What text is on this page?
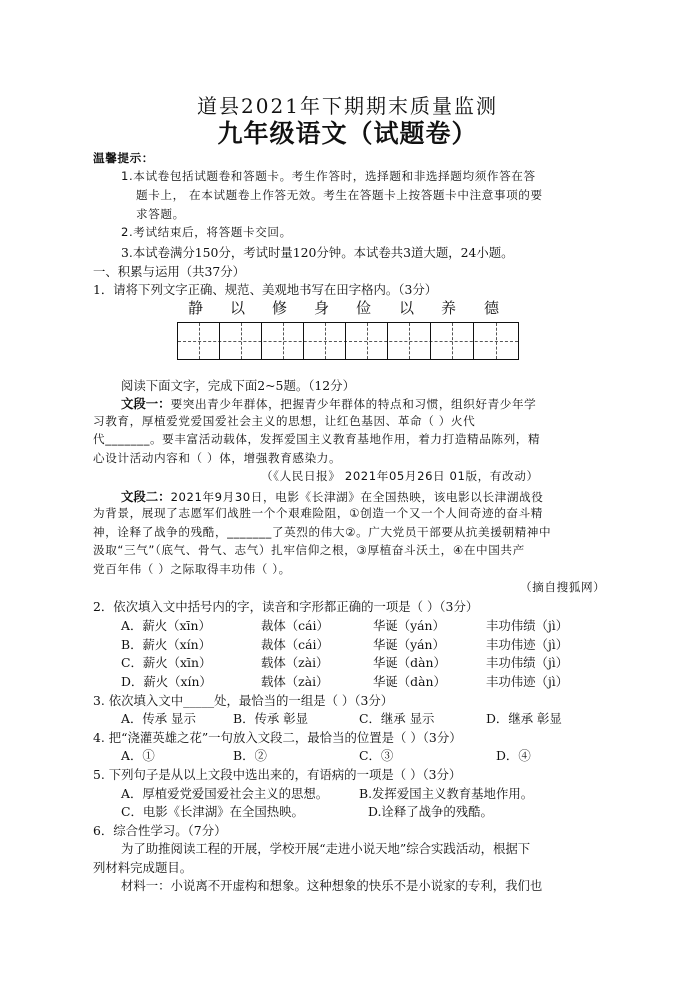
道县2021年下期期末质量监测
九年级语文（试题卷）
温馨提示：
1.本试卷包括试题卷和答题卡。考生作答时，选择题和非选择题均须作答在答
题卡上， 在本试题卷上作答无效。考生在答题卡上按答题卡中注意事项的要
求答题。
2.考试结束后，将答题卡交回。
3.本试卷满分150分，考试时量120分钟。本试卷共3道大题，24小题。
一、积累与运用（共37分）
1．请将下列文字正确、规范、美观地书写在田字格内。（3分）
静 以 修 身 俭 以 养 德
阅读下面文字，完成下面2~5题。（12分）
文段一：要突出青少年群体，把握青少年群体的特点和习惯，组织好青少年学
习教育，厚植爱党爱国爱社会主义的思想，让红色基因、革命（ ）火代
代_______。要丰富活动载体，发挥爱国主义教育基地作用，着力打造精品陈列，精
心设计活动内容和（ ）体，增强教育感染力。
（《人民日报》 2021年05月26日 01版，有改动）
文段二：2021年9月30日，电影《长津湖》在全国热映，该电影以长津湖战役
为背景，展现了志愿军们战胜一个个艰难险阻，①创造一个又一个人间奇迹的奋斗精
神，诠释了战争的残酷，_______了英烈的伟大②。广大党员干部要从抗美援朝精神中
汲取“三气”（底气、骨气、志气）扎牢信仰之根，③厚植奋斗沃土，④在中国共产
党百年伟（ ）之际取得丰功伟（ ）。
（摘自搜狐网）
2．依次填入文中括号内的字，读音和字形都正确的一项是（ ）（3分）
A．薪火（xīn）	裁体（cái）	华诞（yán）	丰功伟绩（jì）
B．薪火（xín）	裁体（cái）	华诞（yán）	丰功伟迹（jì）
C．薪火（xīn）	载体（zài）	华诞（dàn）	丰功伟绩（jì）
D．薪火（xín）	载体（zài）	华诞（dàn）	丰功伟迹（jì）
3. 依次填入文中_____处，最恰当的一组是（ ）（3分）
A．传承 显示	B．传承 彰显	C．继承 显示	D．继承 彰显
4. 把“浇灌英雄之花”一句放入文段二，最恰当的位置是（ ）（3分）
A．①	B．②	C．③	D．④
5. 下列句子是从以上文段中选出来的，有语病的一项是（ ）（3分）
A．厚植爱党爱国爱社会主义的思想。 B.发挥爱国主义教育基地作用。
C．电影《长津湖》在全国热映。	D.诠释了战争的残酷。
6．综合性学习。（7分）
为了助推阅读工程的开展，学校开展“走进小说天地”综合实践活动，根据下
列材料完成题目。
材料一：小说离不开虚构和想象。这种想象的快乐不是小说家的专利，我们也
